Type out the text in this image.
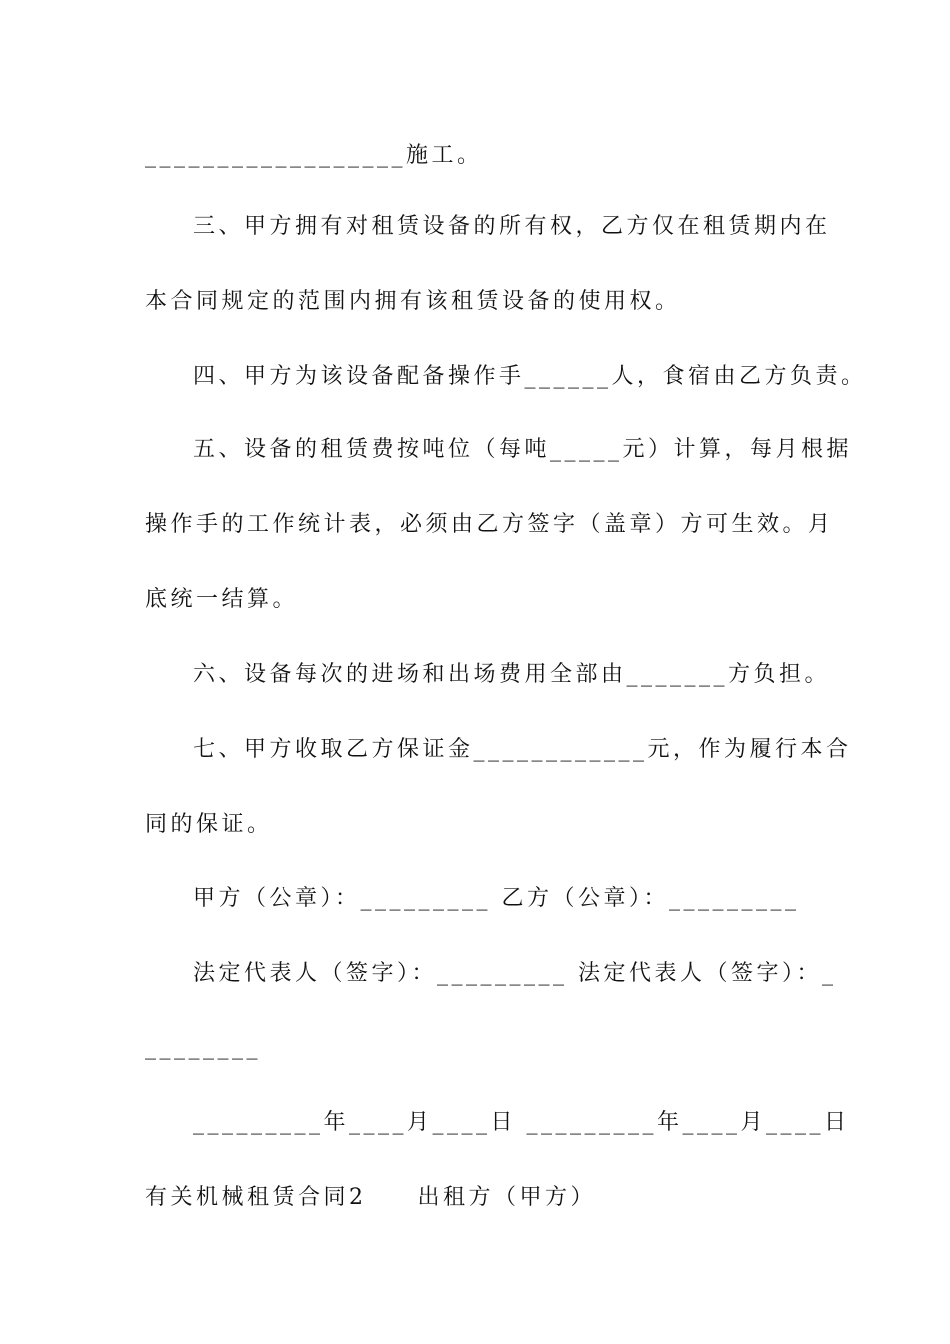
__________________施工。
三、甲方拥有对租赁设备的所有权，乙方仅在租赁期内在
本合同规定的范围内拥有该租赁设备的使用权。
四、甲方为该设备配备操作手______人，食宿由乙方负责。
五、设备的租赁费按吨位（每吨_____元）计算，每月根据
操作手的工作统计表，必须由乙方签字（盖章）方可生效。月
底统一结算。
六、设备每次的进场和出场费用全部由_______方负担。
七、甲方收取乙方保证金____________元，作为履行本合
同的保证。
甲方（公章）：_________ 乙方（公章）：_________
法定代表人（签字）：_________ 法定代表人（签字）：_
________
_________年____月____日 _________年____月____日
有关机械租赁合同2　　出租方（甲方）
